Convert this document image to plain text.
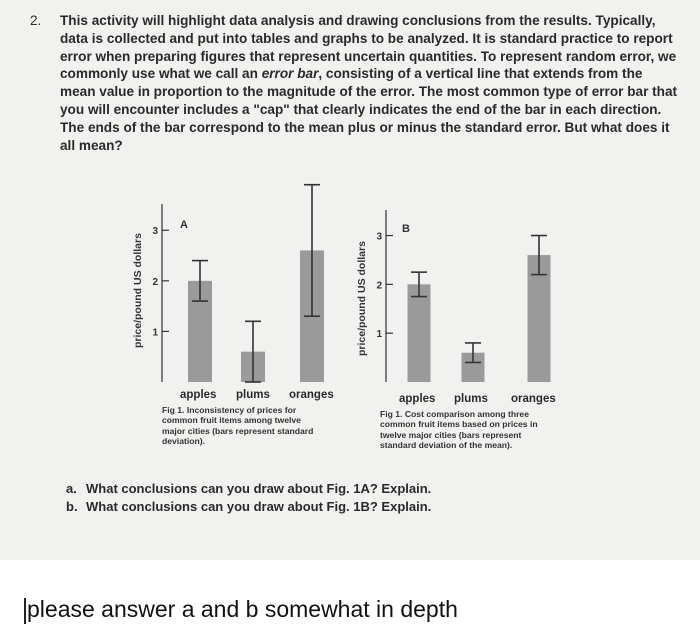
2. This activity will highlight data analysis and drawing conclusions from the results. Typically, data is collected and put into tables and graphs to be analyzed. It is standard practice to report error when preparing figures that represent uncertain quantities. To represent random error, we commonly use what we call an error bar, consisting of a vertical line that extends from the mean value in proportion to the magnitude of the error. The most common type of error bar that you will encounter includes a "cap" that clearly indicates the end of the bar in each direction. The ends of the bar correspond to the mean plus or minus the standard error. But what does it all mean?
price/pound US dollars 1
2
3
A
apples plums oranges
Fig 1. Inconsistency of prices for common fruit items among twelve major cities (bars represent standard deviation).
price/pound US dollars 1
2
3
B
apples plums oranges
Fig 1. Cost comparison among three common fruit items based on prices in twelve major cities (bars represent standard deviation of the mean).
a. What conclusions can you draw about Fig. 1A? Explain.
b. What conclusions can you draw about Fig. 1B? Explain.
please answer a and b somewhat in depth
